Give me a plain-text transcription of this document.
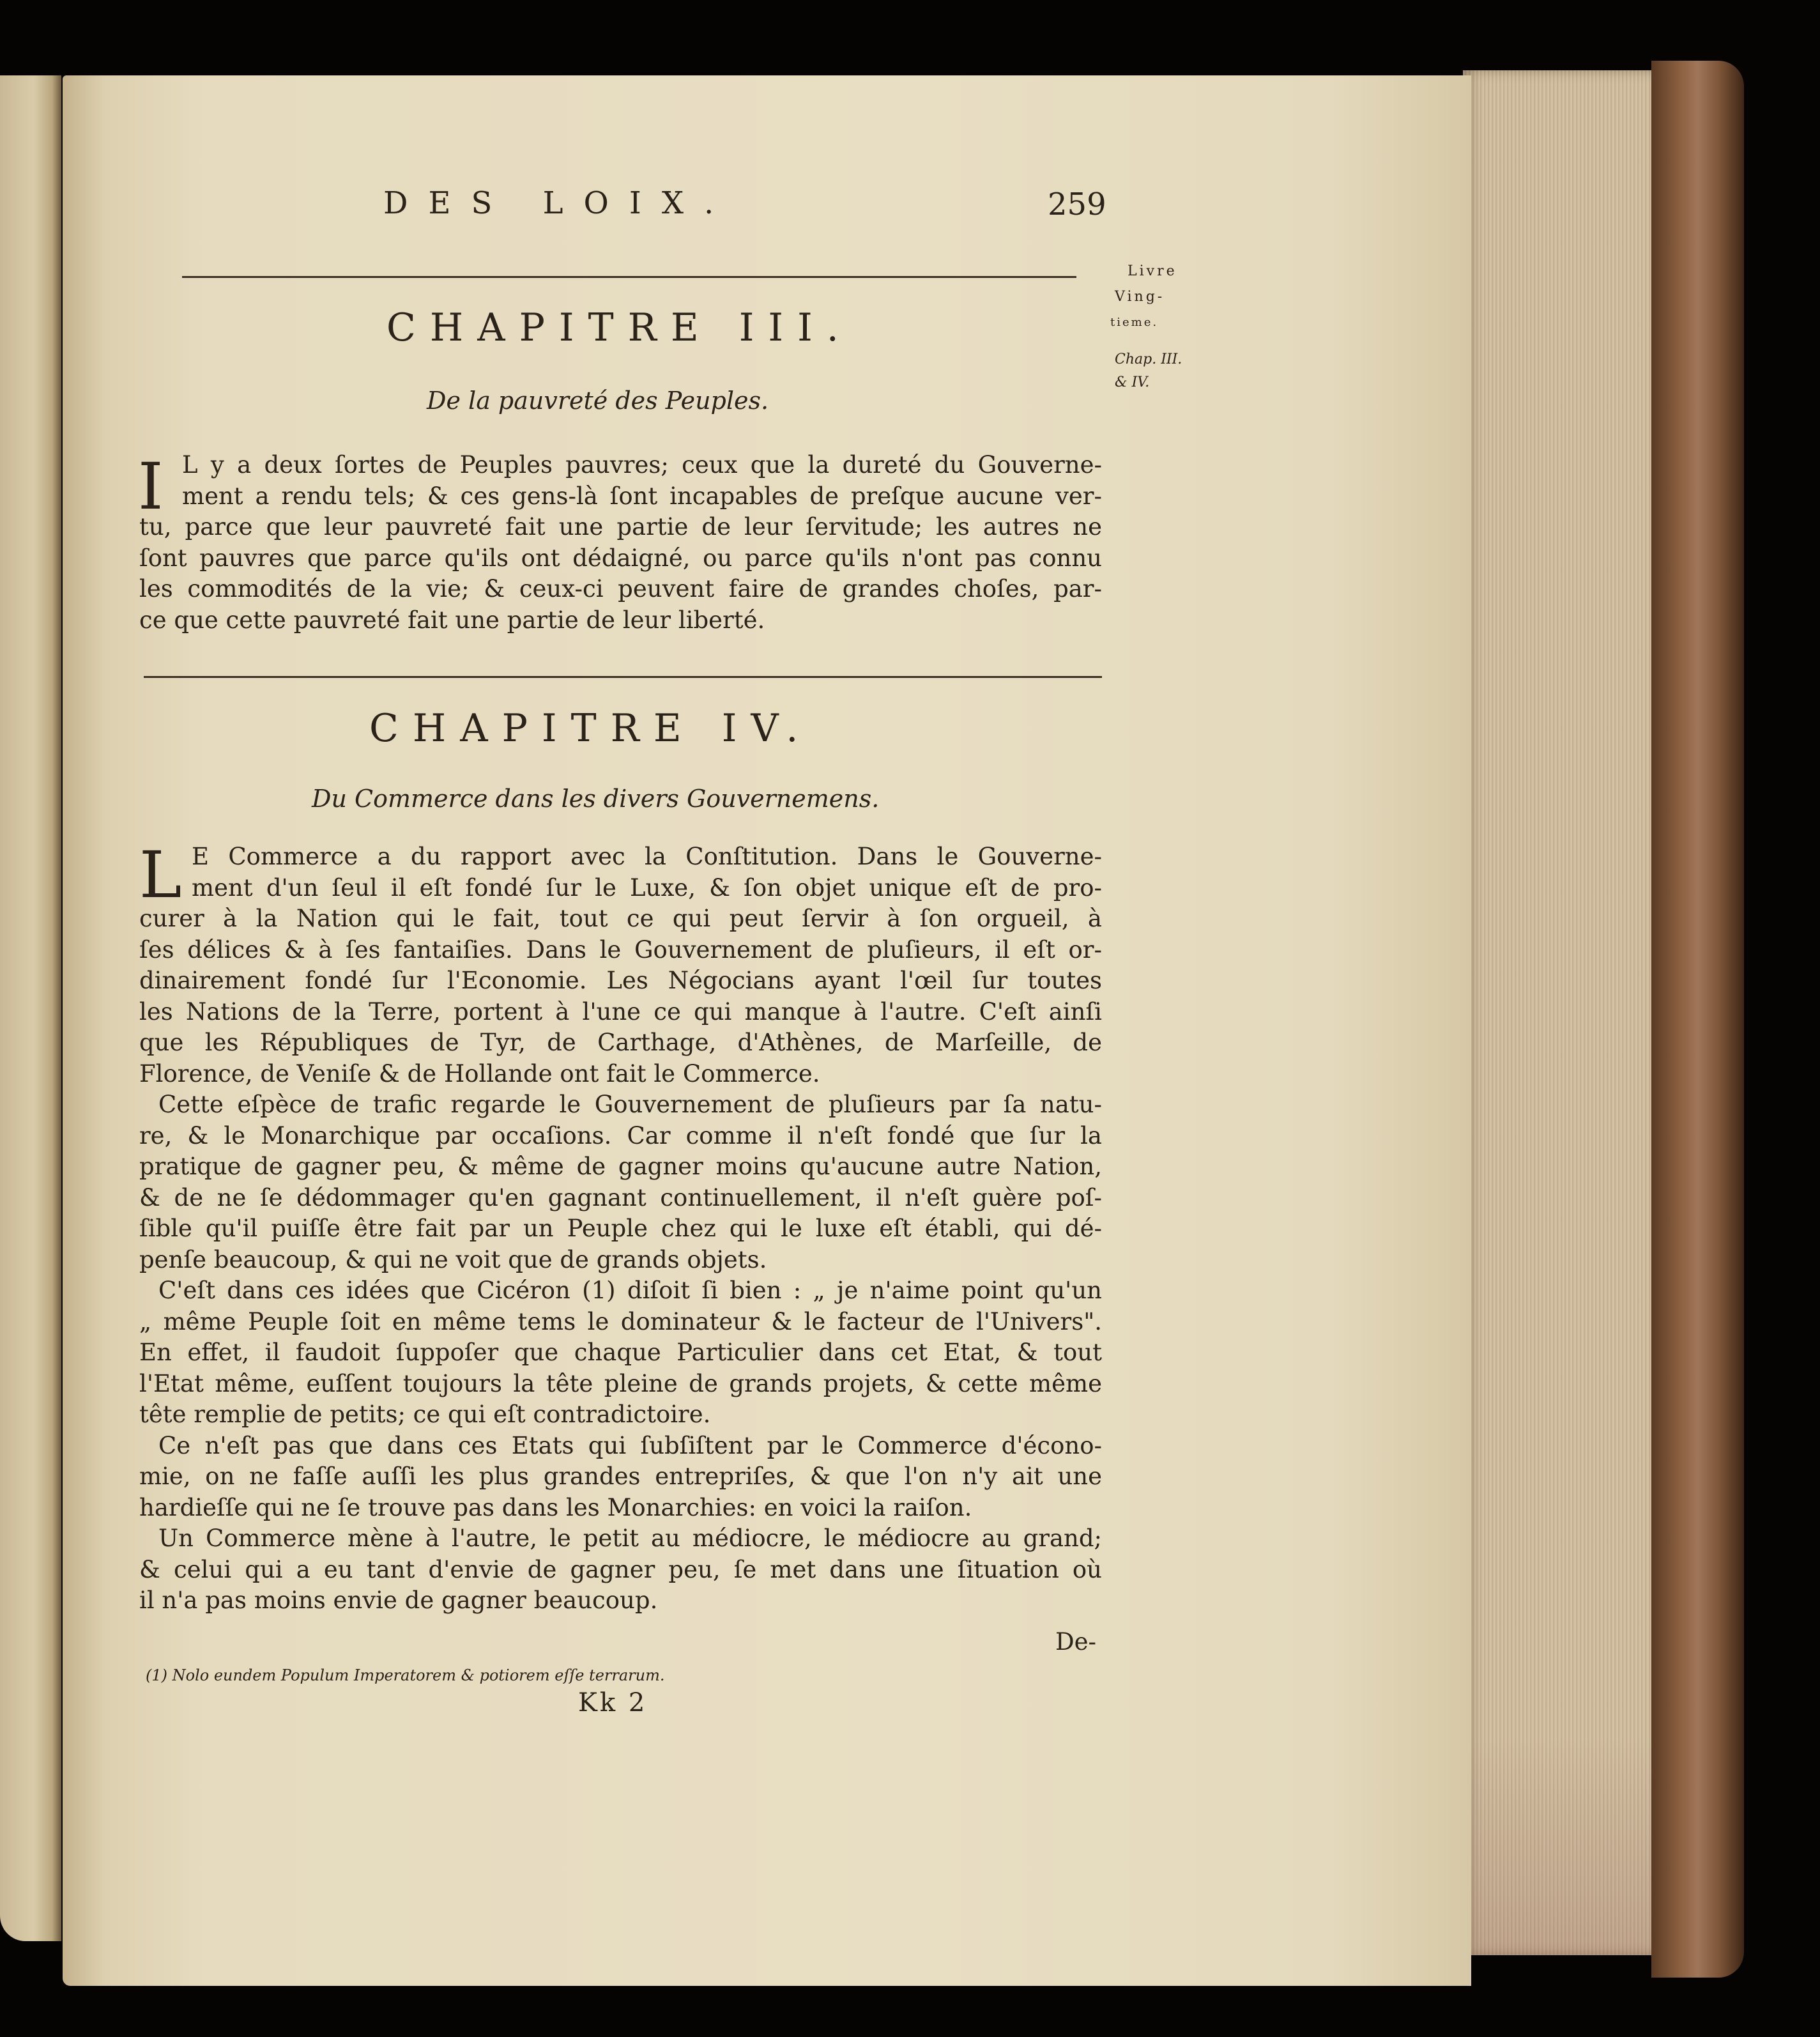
DES LOIX.	259
Livre
Ving-
tieme.
Chap. III.
& IV.
CHAPITRE III.
De la pauvreté des Peuples.
I L y a deux ſortes de Peuples pauvres; ceux que la dureté du Gouverne-
ment a rendu tels; & ces gens-là ſont incapables de preſque aucune ver-
tu, parce que leur pauvreté fait une partie de leur ſervitude; les autres ne
ſont pauvres que parce qu'ils ont dédaigné, ou parce qu'ils n'ont pas connu
les commodités de la vie; & ceux-ci peuvent faire de grandes choſes, par-
ce que cette pauvreté fait une partie de leur liberté.
CHAPITRE IV.
Du Commerce dans les divers Gouvernemens.
L E Commerce a du rapport avec la Conſtitution. Dans le Gouverne-
ment d'un ſeul il eſt fondé ſur le Luxe, & ſon objet unique eſt de pro-
curer à la Nation qui le fait, tout ce qui peut ſervir à ſon orgueil, à
ſes délices & à ſes fantaiſies. Dans le Gouvernement de pluſieurs, il eſt or-
dinairement fondé ſur l'Economie. Les Négocians ayant l'œil ſur toutes
les Nations de la Terre, portent à l'une ce qui manque à l'autre. C'eſt ainſi
que les Républiques de Tyr, de Carthage, d'Athènes, de Marſeille, de
Florence, de Veniſe & de Hollande ont fait le Commerce.
Cette eſpèce de trafic regarde le Gouvernement de pluſieurs par ſa natu-
re, & le Monarchique par occaſions. Car comme il n'eſt fondé que ſur la
pratique de gagner peu, & même de gagner moins qu'aucune autre Nation,
& de ne ſe dédommager qu'en gagnant continuellement, il n'eſt guère poſ-
ſible qu'il puiſſe être fait par un Peuple chez qui le luxe eſt établi, qui dé-
penſe beaucoup, & qui ne voit que de grands objets.
C'eſt dans ces idées que Cicéron (1) diſoit ſi bien : „ je n'aime point qu'un
„ même Peuple ſoit en même tems le dominateur & le facteur de l'Univers".
En effet, il faudoit ſuppoſer que chaque Particulier dans cet Etat, & tout
l'Etat même, euſſent toujours la tête pleine de grands projets, & cette même
tête remplie de petits; ce qui eſt contradictoire.
Ce n'eſt pas que dans ces Etats qui ſubſiſtent par le Commerce d'écono-
mie, on ne faſſe auſſi les plus grandes entrepriſes, & que l'on n'y ait une
hardieſſe qui ne ſe trouve pas dans les Monarchies: en voici la raiſon.
Un Commerce mène à l'autre, le petit au médiocre, le médiocre au grand;
& celui qui a eu tant d'envie de gagner peu, ſe met dans une ſituation où
il n'a pas moins envie de gagner beaucoup.
De-
(1) Nolo eundem Populum Imperatorem & potiorem eſſe terrarum.
Kk 2
